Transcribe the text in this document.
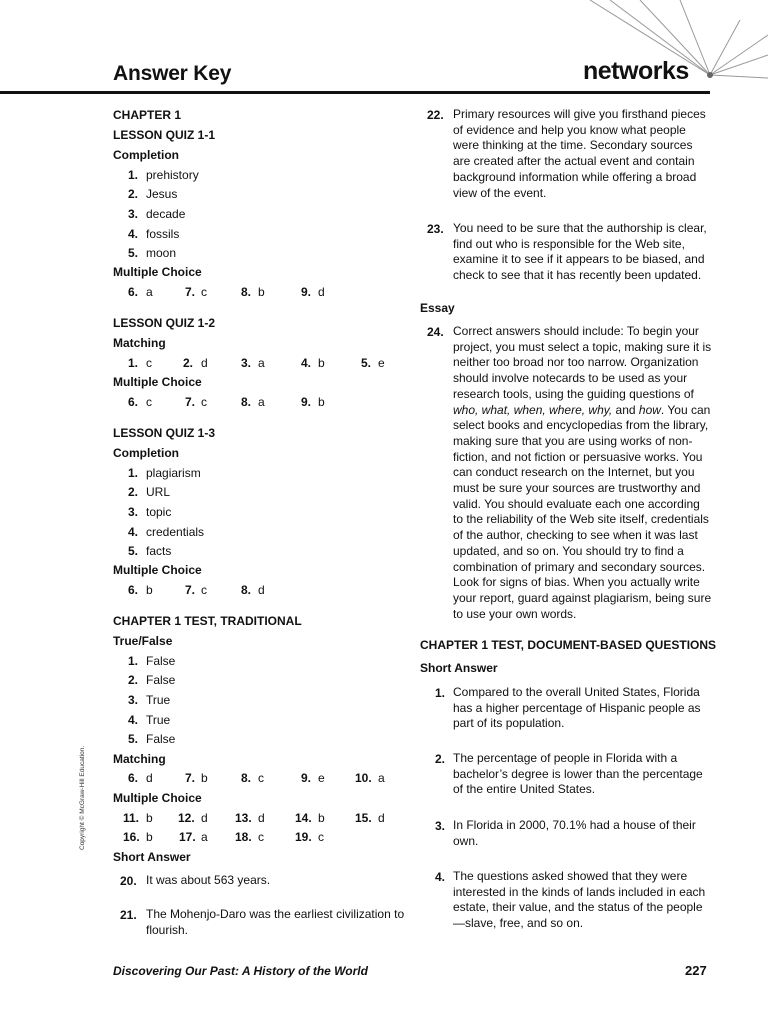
Answer Key	networks
Copyright © McGraw-Hill Education.
CHAPTER 1
LESSON QUIZ 1-1
Completion
1. prehistory
2. Jesus
3. decade
4. fossils
5. moon
Multiple Choice
6. a	7. c	8. b	9. d
LESSON QUIZ 1-2
Matching
1. c	2. d	3. a	4. b	5. e
Multiple Choice
6. c	7. c	8. a	9. b
LESSON QUIZ 1-3
Completion
1. plagiarism
2. URL
3. topic
4. credentials
5. facts
Multiple Choice
6. b	7. c	8. d
CHAPTER 1 TEST, TRADITIONAL
True/False
1. False
2. False
3. True
4. True
5. False
Matching
6. d	7. b	8. c	9. e	10. a
Multiple Choice
11. b 12. d 13. d	14. b	15. d
16. b 17. a 18. c	19. c
Short Answer
20. It was about 563 years.
21. The Mohenjo-Daro was the earliest civilization to flourish.
22. Primary resources will give you firsthand pieces of evidence and help you know what people were thinking at the time. Secondary sources are created after the actual event and contain background information while offering a broad view of the event.
23. You need to be sure that the authorship is clear, find out who is responsible for the Web site, examine it to see if it appears to be biased, and check to see that it has recently been updated.
Essay
24. Correct answers should include: To begin your project, you must select a topic, making sure it is neither too broad nor too narrow. Organization should involve notecards to be used as your research tools, using the guiding questions of who, what, when, where, why, and how. You can select books and encyclopedias from the library, making sure that you are using works of non-fiction, and not fiction or persuasive works. You can conduct research on the Internet, but you must be sure your sources are trustworthy and valid. You should evaluate each one according to the reliability of the Web site itself, credentials of the author, checking to see when it was last updated, and so on. You should try to find a combination of primary and secondary sources. Look for signs of bias. When you actually write your report, guard against plagiarism, being sure to use your own words.
CHAPTER 1 TEST, DOCUMENT-BASED QUESTIONS
Short Answer
1. Compared to the overall United States, Florida has a higher percentage of Hispanic people as part of its population.
2. The percentage of people in Florida with a bachelor’s degree is lower than the percentage of the entire United States.
3. In Florida in 2000, 70.1% had a house of their own.
4. The questions asked showed that they were interested in the kinds of lands included in each estate, their value, and the status of the people—slave, free, and so on.
Discovering Our Past: A History of the World	227
